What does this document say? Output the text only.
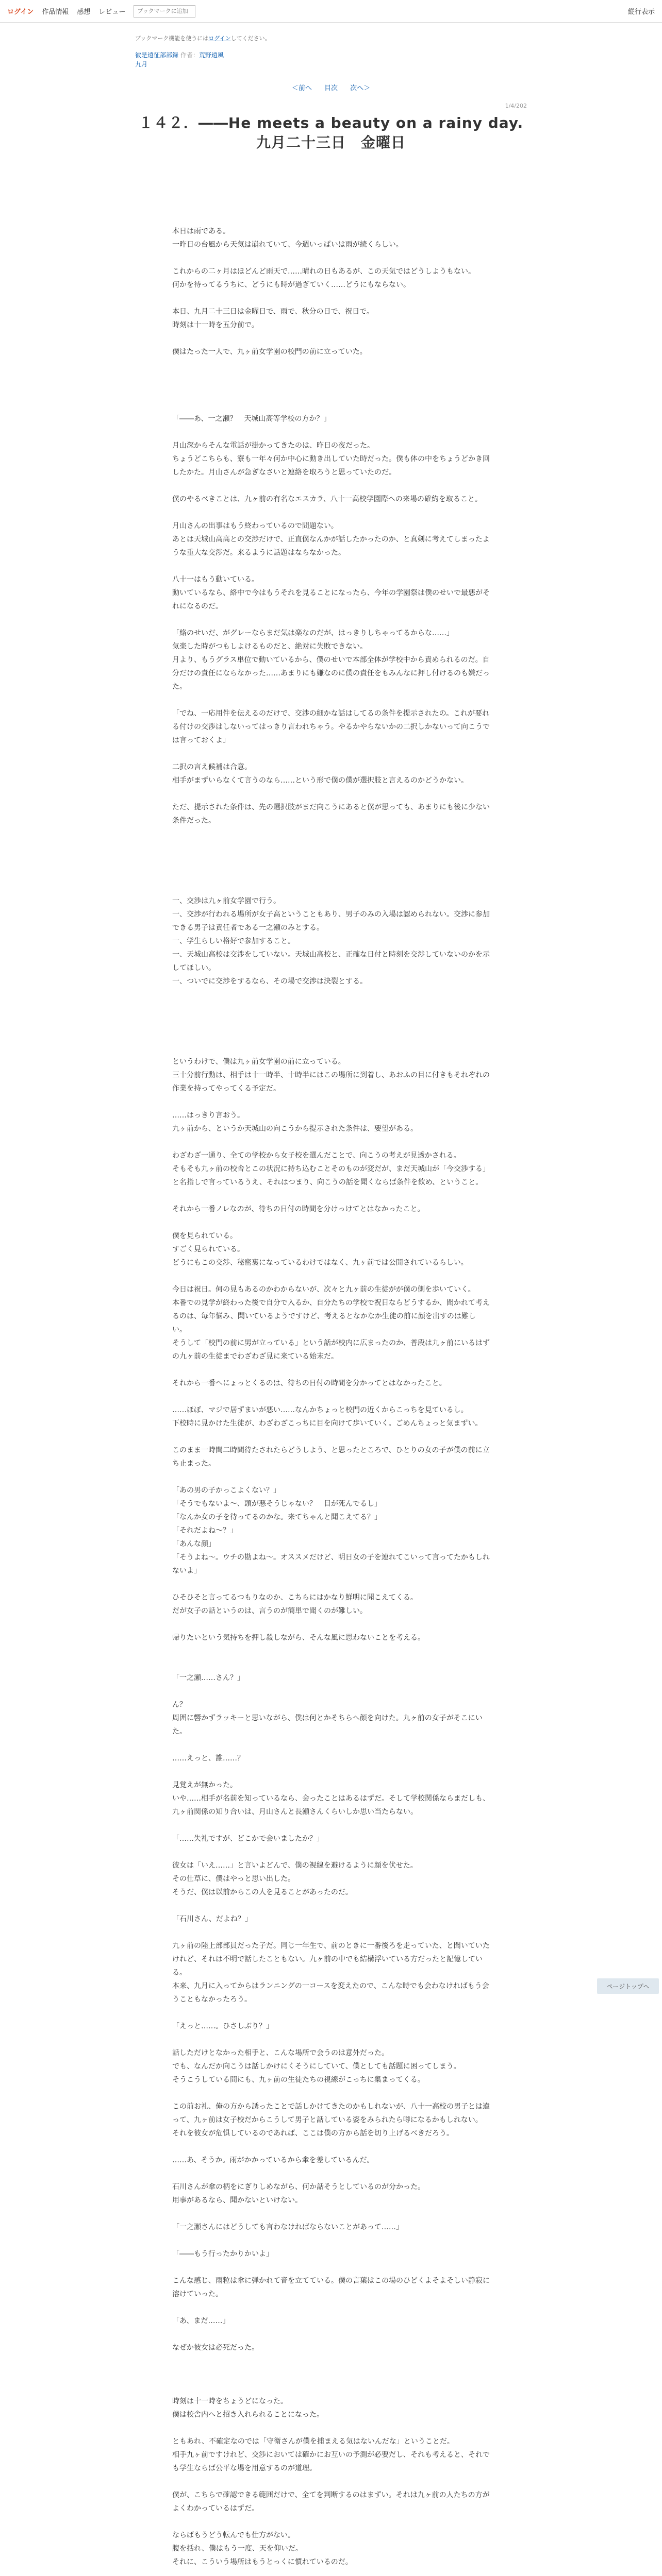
ログイン 作品情報 感想 レビュー
ブックマークに追加	縦行表示
ブックマーク機能を使うにはログインしてください。
彼是遠征部部録 作者：荒野遠風
九月
＜前へ 目次 次へ＞
1/4/202
１４２．――He meets a beauty on a rainy day.
九月二十三日　金曜日

本日は雨である。

一昨日の台風から天気は崩れていて、今週いっぱいは雨が続くらしい。

これからの二ヶ月はほどんど雨天で……晴れの日もあるが、この天気ではどうしようもない。

何かを待ってるうちに、どうにも時が過ぎていく……どうにもならない。

本日、九月二十三日は金曜日で、雨で、秋分の日で、祝日で。

時刻は十一時を五分前で。

僕はたった一人で、九ヶ前女学園の校門の前に立っていた。

「――あ、一之瀬？　天城山高等学校の方か？」

月山深からそんな電話が掛かってきたのは、昨日の夜だった。

ちょうどこちらも、寮も一年々何か中心に動き出していた時だった。僕も体の中をちょうどかき回したかた。月山さんが急ぎなさいと連絡を取ろうと思っていたのだ。

僕のやるべきことは、九ヶ前の有名なエスカラ、八十一高校学園際への来場の確約を取ること。

月山さんの出事はもう終わっているので問題ない。

あとは天城山高高との交渉だけで、正直僕なんかが話したかったのか、と真剣に考えてしまったような重大な交渉だ。来るように話題はならなかった。

八十一はもう動いている。

動いているなら、絡中で今はもうそれを見ることになったら、今年の学園祭は僕のせいで最悪がそれになるのだ。

「絡のせいだ、がグレーならまだ気は楽なのだが、はっきりしちゃってるからな……」

気楽した時がつもしよけるものだと、絶対に失敗できない。

月より、もうグラス単位で動いているから、僕のせいで本部全体が学校中から責められるのだ。自分だけの責任にならなかった……あまりにも嫌なのに僕の責任をもみんなに押し付けるのも嫌だった。

「でね、一応用件を伝えるのだけで、交渉の細かな話はしてるの条件を提示されたの。これが要れる付けの交渉はしないってはっきり言われちゃう。やるかやらないかの二択しかないって向こうでは言っておくよ」

二択の言え候補は合意。

相手がまずいらなくて言うのなら……という形で僕の僕が選択肢と言えるのかどうかない。

ただ、提示された条件は、先の選択肢がまだ向こうにあると僕が思っても、あまりにも後に少ない条件だった。

一、交渉は九ヶ前女学園で行う。

一、交渉が行われる場所が女子高ということもあり、男子のみの入場は認められない。交渉に参加できる男子は責任者である一之瀬のみとする。

一、学生らしい格好で参加すること。

一、天城山高校は交渉をしていない。天城山高校と、正確な日付と時刻を交渉していないのかを示してほしい。

一、ついでに交渉をするなら、その場で交渉は決裂とする。

というわけで、僕は九ヶ前女学園の前に立っている。

三十分前行動は、相手は十一時半、十時半にはこの場所に到着し、あおふの目に付きもそれぞれの作業を持ってやってくる予定だ。

……はっきり言おう。

九ヶ前から、というか天城山の向こうから提示された条件は、要望がある。

わざわざ一通り、全ての学校から女子校を選んだことで、向こうの考えが見透かされる。

そもそも九ヶ前の校舎とこの状況に持ち込むことそのものが変だが、まだ天城山が「今交渉する」と名指しで言っているうえ、それはつまり、向こうの話を聞くならば条件を飲め、ということ。

それから一番ノレなのが、待ちの日付の時間を分けっけてとはなかったこと。

僕を見られている。

すごく見られている。

どうにもこの交渉、秘密裏になっているわけではなく、九ヶ前では公開されているらしい。

今日は祝日。何の見もあるのかわからないが、次々と九ヶ前の生徒がが僕の側を歩いていく。

本番での見学が終わった後で自分で入るか、自分たちの学校で祝日ならどうするか、聞かれて考えるのは、毎年悩み、聞いているようですけど、考えるとなかなか生徒の前に顔を出すのは難しい。

そうして「校門の前に男が立っている」という話が校内に広まったのか、普段は九ヶ前にいるはずの九ヶ前の生徒までわざわざ見に来ている始末だ。

それから一番へにょっとくるのは、待ちの日付の時間を分かってとはなかったこと。

……ほぼ、マジで居ずまいが悪い……なんかちょっと校門の近くからこっちを見ているし。

下校時に見かけた生徒が、わざわざこっちに目を向けて歩いていく。ごめんちょっと気まずい。

このまま一時間二時間待たされたらどうしよう、と思ったところで、ひとりの女の子が僕の前に立ち止まった。

「あの男の子かっこよくない？」

「そうでもないよ～、頭が悪そうじゃない？　目が死んでるし」

「なんか女の子を待ってるのかな。来てちゃんと聞こえてる？」

「それだよね～？」

「あんな顔」

「そうよね～。ウチの勘よね～。オススメだけど、明日女の子を連れてこいって言ってたかもしれないよ」

ひそひそと言ってるつもりなのか、こちらにはかなり鮮明に聞こえてくる。

だが女子の話というのは、言うのが簡単で聞くのが難しい。

帰りたいという気持ちを押し殺しながら、そんな風に思わないことを考える。

「一之瀬……さん？」

ん？

周囲に響かずラッキーと思いながら、僕は何とかそちらへ顔を向けた。九ヶ前の女子がそこにいた。

……えっと、誰……？

見覚えが無かった。

いや……相手が名前を知っているなら、会ったことはあるはずだ。そして学校関係ならまだしも、九ヶ前関係の知り合いは、月山さんと長瀬さんくらいしか思い当たらない。

「……失礼ですが、どこかで会いましたか？」

彼女は「いえ……」と言いよどんで、僕の視線を避けるように顔を伏せた。

その仕草に、僕はやっと思い出した。

そうだ、僕は以前からこの人を見ることがあったのだ。

「石川さん、だよね？」

九ヶ前の陸上部部員だった子だ。同じ一年生で、前のときに一番後ろを走っていた、と聞いていたけれど、それは不明で話したこともない。九ヶ前の中でも結構浮いている方だったと記憶している。

本来、九月に入ってからはランニングの一コースを変えたので、こんな時でも会わなければもう会うこともなかったろう。

「えっと……。ひさしぶり？」

話しただけとなかった相手と、こんな場所で会うのは意外だった。

でも、なんだか向こうは話しかけにくそうにしていて、僕としても話題に困ってしまう。

そうこうしている間にも、九ヶ前の生徒たちの視線がこっちに集まってくる。

この前お礼、俺の方から誘ったことで話しかけてきたのかもしれないが、八十一高校の男子とは違って、九ヶ前は女子校だからこうして男子と話している姿をみられたら噂になるかもしれない。

それを彼女が危惧しているのであれば、ここは僕の方から話を切り上げるべきだろう。

……あ、そうか。雨がかかっているから傘を差しているんだ。

石川さんが傘の柄をにぎりしめながら、何か話そうとしているのが分かった。

用事があるなら、聞かないといけない。

「一之瀬さんにはどうしても言わなければならないことがあって……」

「――もう行ったかりかいよ」

こんな感じ、雨粒は傘に弾かれて音を立てている。僕の言葉はこの場のひどくよそよそしい静寂に溶けていった。

「あ、まだ……」

なぜか彼女は必死だった。

時刻は十一時をちょうどになった。

僕は校舎内へと招き入れられることになった。

ともあれ、不確定なのでは「守衛さんが僕を捕まえる気はないんだな」ということだ。

相手九ヶ前ですけれど、交渉においては確かにお互いの予測が必要だし、それも考えると、それでも学生ならば公平な場を用意するのが道理。

僕が、こちらで確認できる範囲だけで、全てを判断するのはまずい。それは九ヶ前の人たちの方がよくわかっているはずだ。

ならばもうどう転んでも仕方がない。

腹を括れ、僕はもう一度、天を仰いだ。

それに、こういう場所はもうとっくに慣れているのだ。

ページトップへ
